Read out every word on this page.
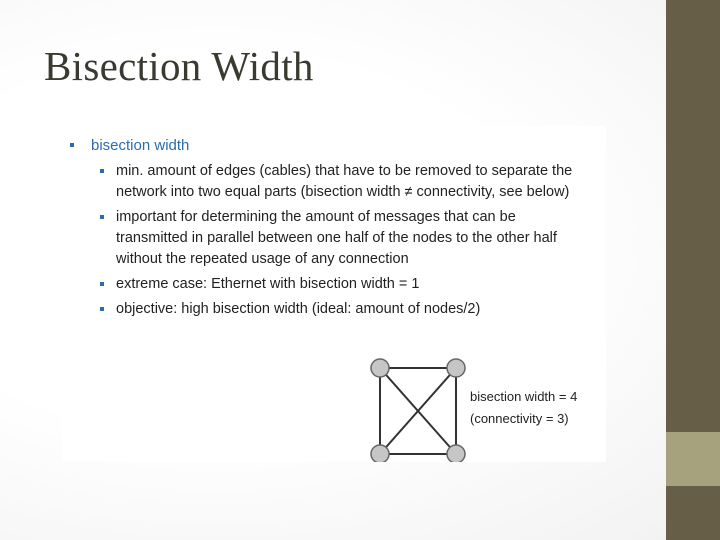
Bisection Width
bisection width
min. amount of edges (cables) that have to be removed to separate the
network into two equal parts (bisection width ≠ connectivity, see below)
important for determining the amount of messages that can be
transmitted in parallel between one half of the nodes to the other half
without the repeated usage of any connection
extreme case: Ethernet with bisection width = 1
objective: high bisection width (ideal: amount of nodes/2)
bisection width = 4
(connectivity = 3)
